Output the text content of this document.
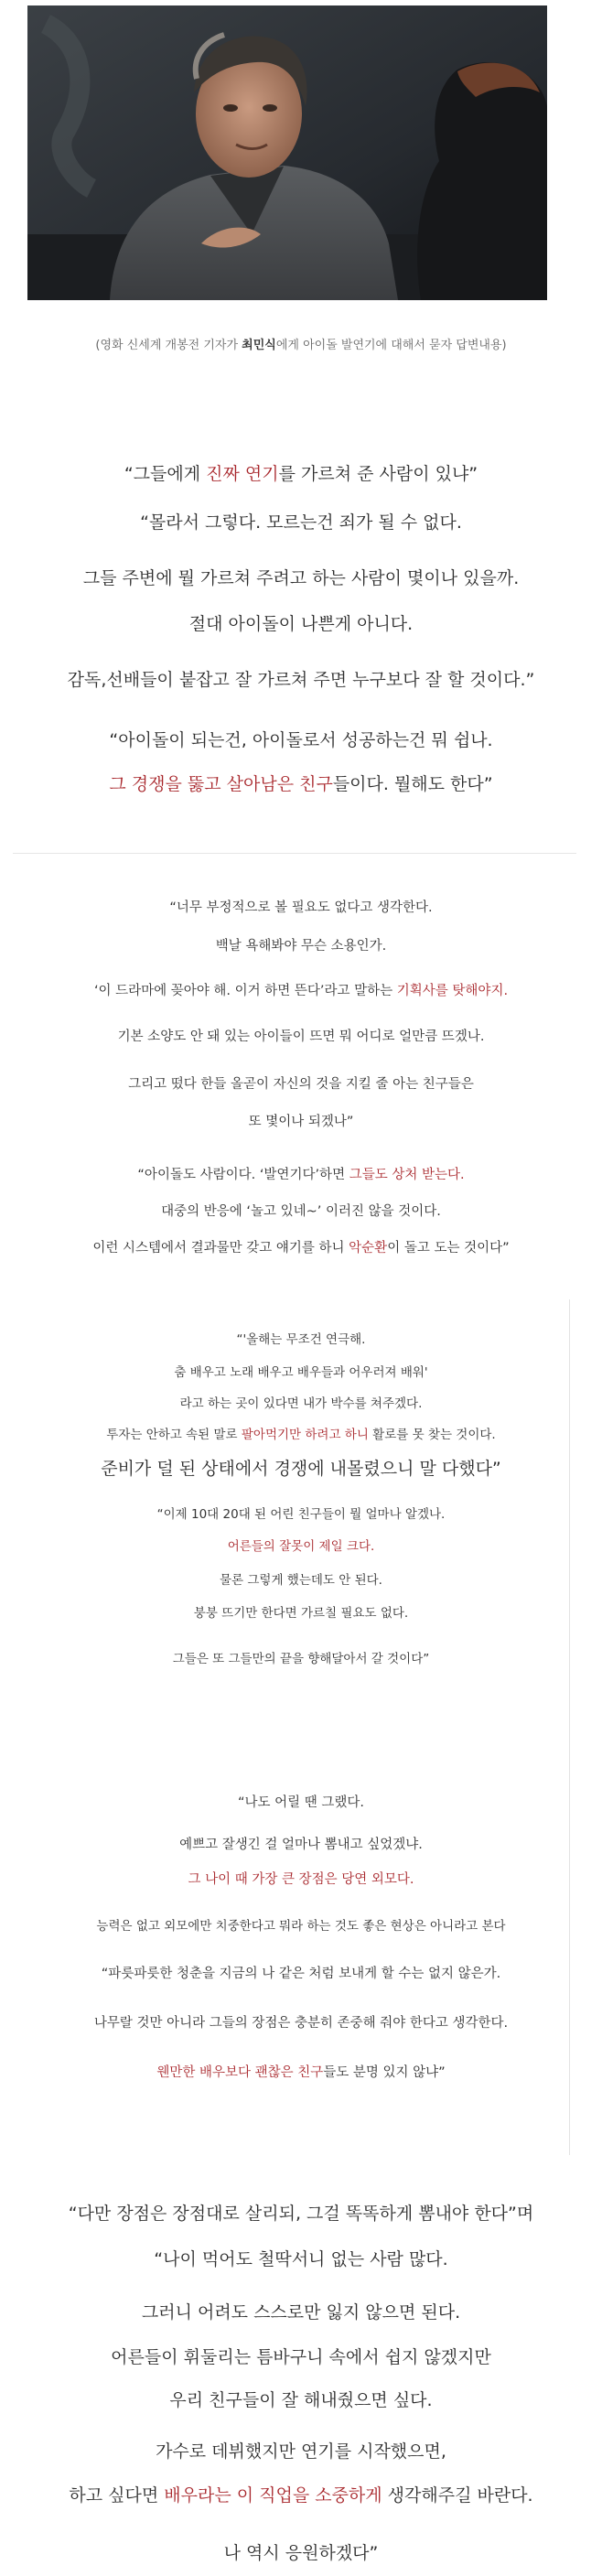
(영화 신세계 개봉전 기자가 최민식에게 아이돌 발연기에 대해서 묻자 답변내용)
“그들에게 진짜 연기를 가르쳐 준 사람이 있냐”
“몰라서 그렇다. 모르는건 죄가 될 수 없다.
그들 주변에 뭘 가르쳐 주려고 하는 사람이 몇이나 있을까.
절대 아이돌이 나쁜게 아니다.
감독,선배들이 붙잡고 잘 가르쳐 주면 누구보다 잘 할 것이다.”
“아이돌이 되는건, 아이돌로서 성공하는건 뭐 쉽나.
그 경쟁을 뚫고 살아남은 친구들이다. 뭘해도 한다”
“너무 부정적으로 볼 필요도 없다고 생각한다.
백날 욕해봐야 무슨 소용인가.
‘이 드라마에 꽂아야 해. 이거 하면 뜬다’라고 말하는 기획사를 탓해야지.
기본 소양도 안 돼 있는 아이들이 뜨면 뭐 어디로 얼만큼 뜨겠나.
그리고 떴다 한들 올곧이 자신의 것을 지킬 줄 아는 친구들은
또 몇이나 되겠나”
“아이돌도 사람이다. ‘발연기다’하면 그들도 상처 받는다.
대중의 반응에 ‘놀고 있네~’ 이러진 않을 것이다.
이런 시스템에서 결과물만 갖고 얘기를 하니 악순환이 돌고 도는 것이다”
“'올해는 무조건 연극해.
춤 배우고 노래 배우고 배우들과 어우러져 배워'
라고 하는 곳이 있다면 내가 박수를 쳐주겠다.
투자는 안하고 속된 말로 팔아먹기만 하려고 하니 활로를 못 찾는 것이다.
준비가 덜 된 상태에서 경쟁에 내몰렸으니 말 다했다”
“이제 10대 20대 된 어린 친구들이 뭘 얼마나 알겠나.
어른들의 잘못이 제일 크다.
물론 그렇게 했는데도 안 된다.
붕붕 뜨기만 한다면 가르칠 필요도 없다.
그들은 또 그들만의 끝을 향해달아서 갈 것이다”
“나도 어릴 땐 그랬다.
예쁘고 잘생긴 걸 얼마나 뽐내고 싶었겠냐.
그 나이 때 가장 큰 장점은 당연 외모다.
능력은 없고 외모에만 치중한다고 뭐라 하는 것도 좋은 현상은 아니라고 본다
“파릇파릇한 청춘을 지금의 나 같은 처럼 보내게 할 수는 없지 않은가.
나무랄 것만 아니라 그들의 장점은 충분히 존중해 줘야 한다고 생각한다.
웬만한 배우보다 괜찮은 친구들도 분명 있지 않냐”
“다만 장점은 장점대로 살리되, 그걸 똑똑하게 뽐내야 한다”며
“나이 먹어도 철딱서니 없는 사람 많다.
그러니 어려도 스스로만 잃지 않으면 된다.
어른들이 휘둘리는 틈바구니 속에서 쉽지 않겠지만
우리 친구들이 잘 해내줬으면 싶다.
가수로 데뷔했지만 연기를 시작했으면,
하고 싶다면 배우라는 이 직업을 소중하게 생각해주길 바란다.
나 역시 응원하겠다”
